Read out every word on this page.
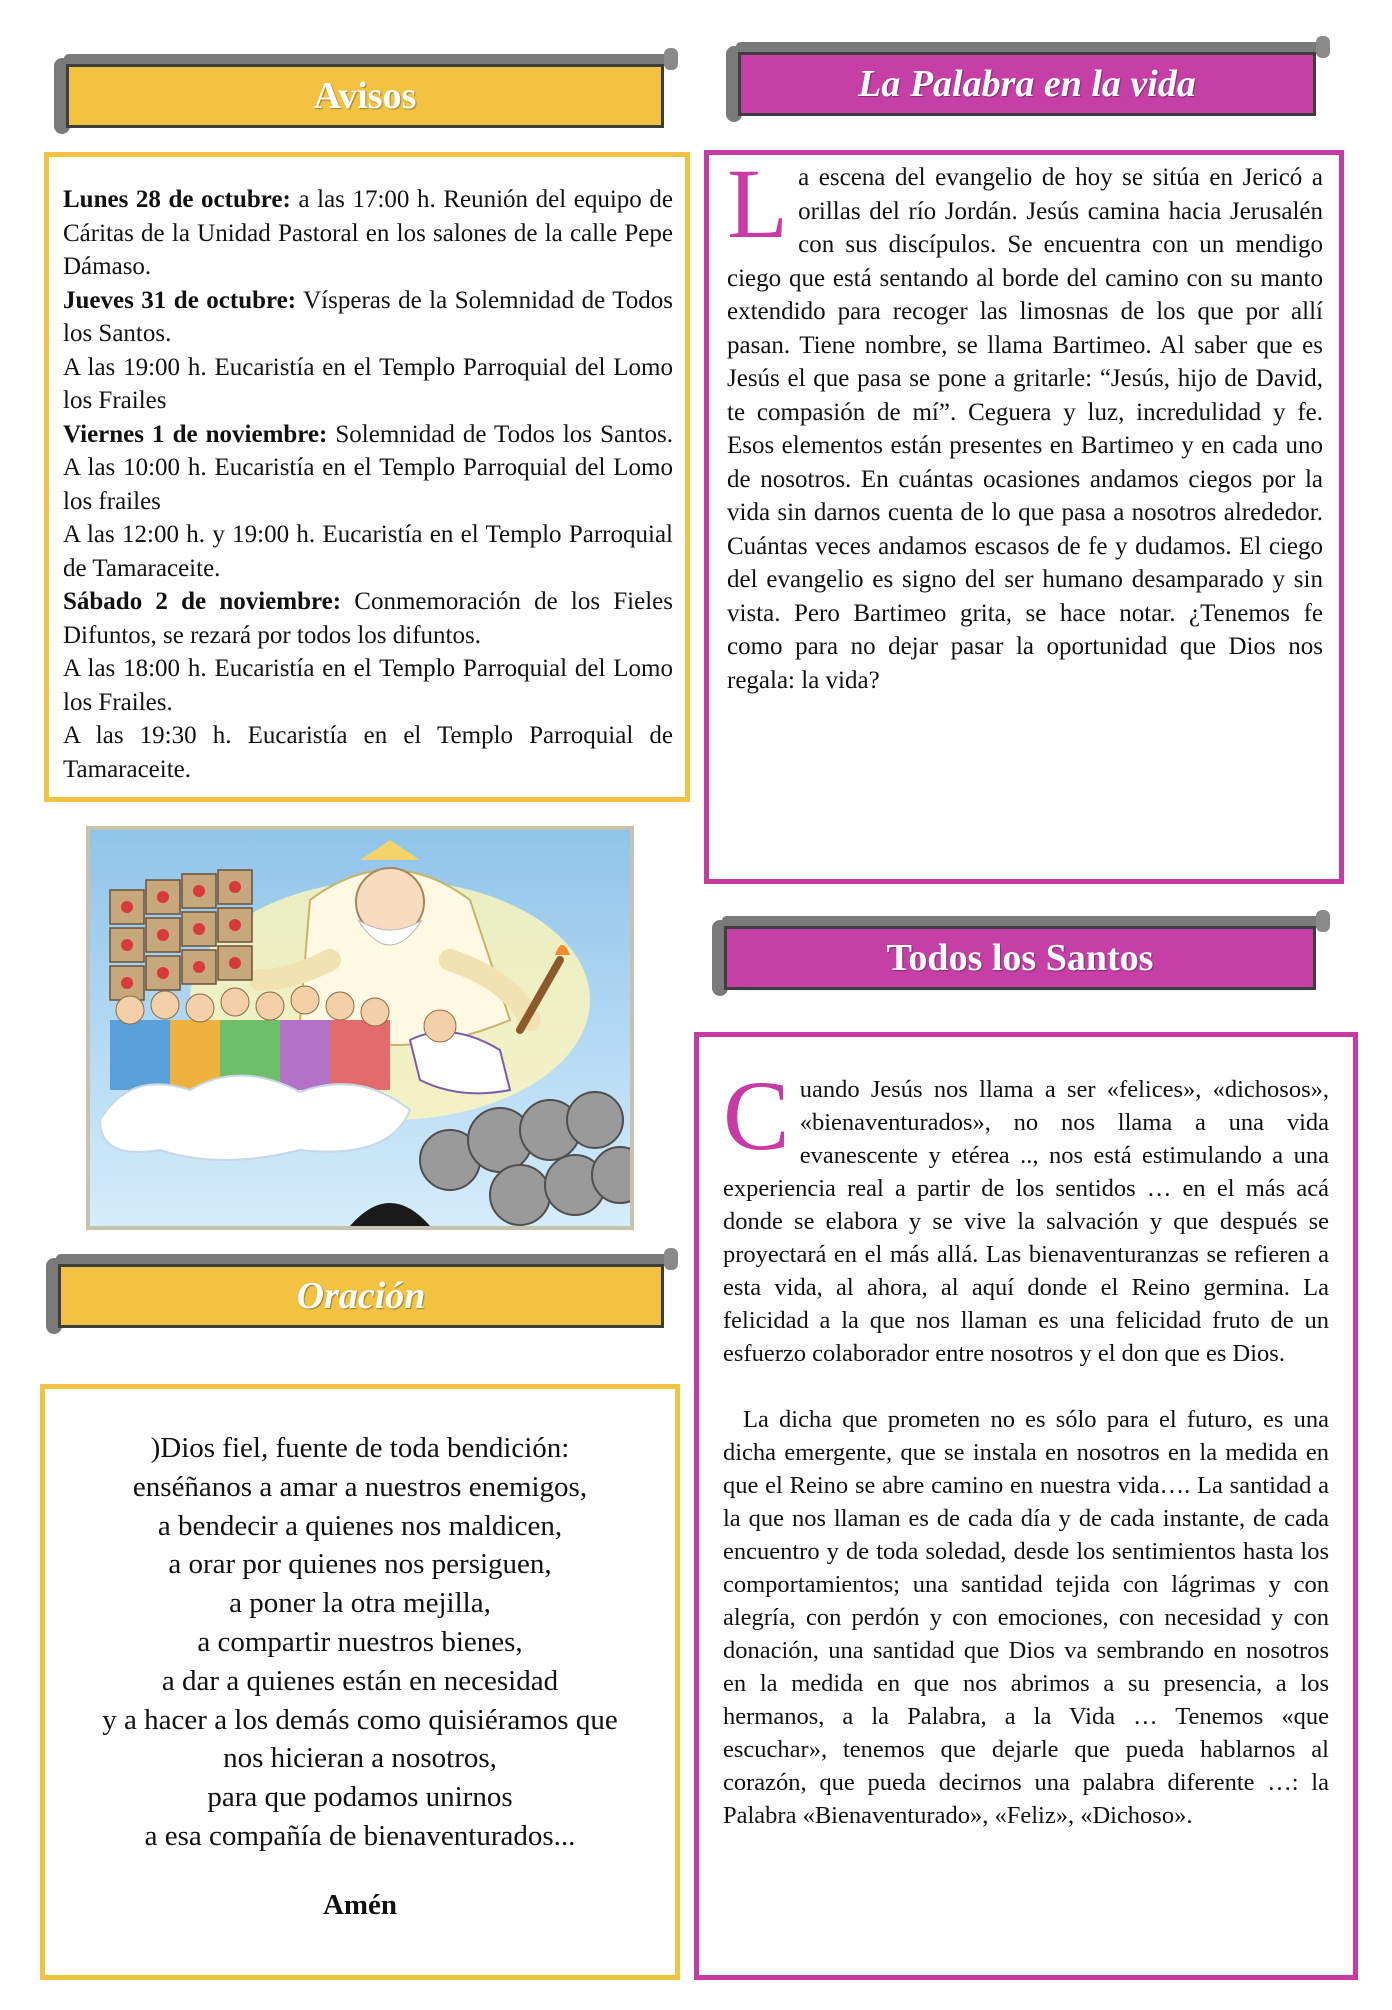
Avisos

Lunes 28 de octubre: a las 17:00 h. Reunión del equipo de Cáritas de la Unidad Pastoral en los salones de la calle Pepe Dámaso.

Jueves 31 de octubre: Vísperas de la Solemnidad de Todos los Santos.

A las 19:00 h. Eucaristía en el Templo Parroquial del Lomo los Frailes

Viernes 1 de noviembre: Solemnidad de Todos los Santos. A las 10:00 h. Eucaristía en el Templo Parroquial del Lomo los frailes

A las 12:00 h. y 19:00 h. Eucaristía en el Templo Parroquial de Tamaraceite.

Sábado 2 de noviembre: Conmemoración de los Fieles Difuntos, se rezará por todos los difuntos.

A las 18:00 h. Eucaristía en el Templo Parroquial del Lomo los Frailes.

A las 19:30 h. Eucaristía en el Templo Parroquial de Tamaraceite.

Oración
)Dios fiel, fuente de toda bendición:
enséñanos a amar a nuestros enemigos,
a bendecir a quienes nos maldicen,
a orar por quienes nos persiguen,
a poner la otra mejilla,
a compartir nuestros bienes,
a dar a quienes están en necesidad
y a hacer a los demás como quisiéramos que
nos hicieran a nosotros,
para que podamos unirnos
a esa compañía de bienaventurados...
Amén
La Palabra en la vida
La escena del evangelio de hoy se sitúa en Jericó a orillas del río Jordán. Jesús camina hacia Jerusalén con sus discípulos. Se encuentra con un mendigo ciego que está sentando al borde del camino con su manto extendido para recoger las limosnas de los que por allí pasan. Tiene nombre, se llama Bartimeo. Al saber que es Jesús el que pasa se pone a gritarle: “Jesús, hijo de David, te compasión de mí”. Ceguera y luz, incredulidad y fe. Esos elementos están presentes en Bartimeo y en cada uno de nosotros. En cuántas ocasiones andamos ciegos por la vida sin darnos cuenta de lo que pasa a nosotros alrededor. Cuántas veces andamos escasos de fe y dudamos. El ciego del evangelio es signo del ser humano desamparado y sin vista. Pero Bartimeo grita, se hace notar. ¿Tenemos fe como para no dejar pasar la oportunidad que Dios nos regala: la vida?
Todos los Santos

Cuando Jesús nos llama a ser «felices», «dichosos», «bienaventurados», no nos llama a una vida evanescente y etérea .., nos está estimulando a una experiencia real a partir de los sentidos … en el más acá donde se elabora y se vive la salvación y que después se proyectará en el más allá. Las bienaventuranzas se refieren a esta vida, al ahora, al aquí donde el Reino germina. La felicidad a la que nos llaman es una felicidad fruto de un esfuerzo colaborador entre nosotros y el don que es Dios.

La dicha que prometen no es sólo para el futuro, es una dicha emergente, que se instala en nosotros en la medida en que el Reino se abre camino en nuestra vida…. La santidad a la que nos llaman es de cada día y de cada instante, de cada encuentro y de toda soledad, desde los sentimientos hasta los comportamientos; una santidad tejida con lágrimas y con alegría, con perdón y con emociones, con necesidad y con donación, una santidad que Dios va sembrando en nosotros en la medida en que nos abrimos a su presencia, a los hermanos, a la Palabra, a la Vida … Tenemos «que escuchar», tenemos que dejarle que pueda hablarnos al corazón, que pueda decirnos una palabra diferente …: la Palabra «Bienaventurado», «Feliz», «Dichoso».
